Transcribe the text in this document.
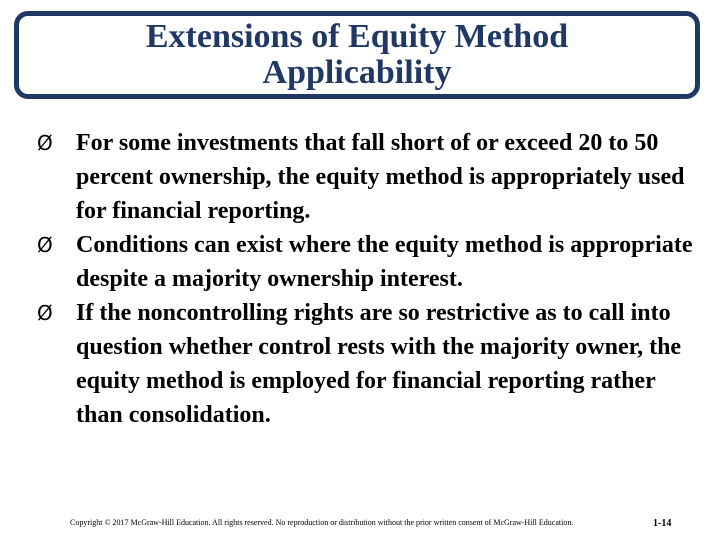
Extensions of Equity Method
Applicability
Ø For some investments that fall short of or exceed 20 to 50 percent ownership, the equity method is appropriately used for financial reporting.
Ø Conditions can exist where the equity method is appropriate despite a majority ownership interest.
Ø If the noncontrolling rights are so restrictive as to call into question whether control rests with the majority owner, the equity method is employed for financial reporting rather than consolidation.
Copyright © 2017 McGraw-Hill Education. All rights reserved. No reproduction or distribution without the prior written consent of McGraw-Hill Education.	1-14
